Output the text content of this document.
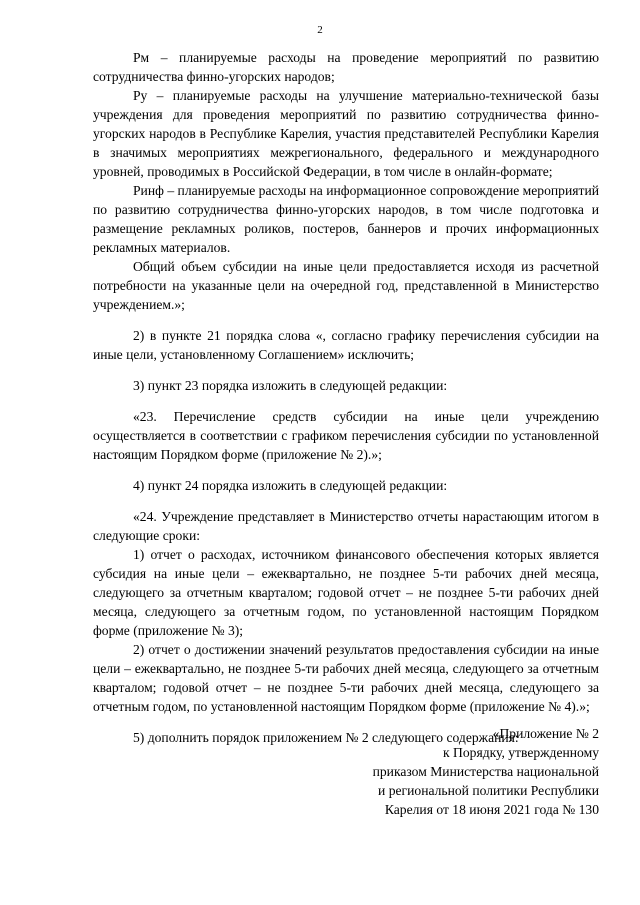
2

Рм – планируемые расходы на проведение мероприятий по развитию сотрудничества финно-угорских народов;

Ру – планируемые расходы на улучшение материально-технической базы учреждения для проведения мероприятий по развитию сотрудничества финно-угорских народов в Республике Карелия, участия представителей Республики Карелия в значимых мероприятиях межрегионального, федерального и международного уровней, проводимых в Российской Федерации, в том числе в онлайн-формате;

Ринф – планируемые расходы на информационное сопровождение мероприятий по развитию сотрудничества финно-угорских народов, в том числе подготовка и размещение рекламных роликов, постеров, баннеров и прочих информационных рекламных материалов.

Общий объем субсидии на иные цели предоставляется исходя из расчетной потребности на указанные цели на очередной год, представленной в Министерство учреждением.»;

2) в пункте 21 порядка слова «, согласно графику перечисления субсидии на иные цели, установленному Соглашением» исключить;

3) пункт 23 порядка изложить в следующей редакции:

«23. Перечисление средств субсидии на иные цели учреждению осуществляется в соответствии с графиком перечисления субсидии по установленной настоящим Порядком форме (приложение № 2).»;

4) пункт 24 порядка изложить в следующей редакции:

«24. Учреждение представляет в Министерство отчеты нарастающим итогом в следующие сроки:

1) отчет о расходах, источником финансового обеспечения которых является субсидия на иные цели – ежеквартально, не позднее 5-ти рабочих дней месяца, следующего за отчетным кварталом; годовой отчет – не позднее 5-ти рабочих дней месяца, следующего за отчетным годом, по установленной настоящим Порядком форме (приложение № 3);

2) отчет о достижении значений результатов предоставления субсидии на иные цели – ежеквартально, не позднее 5-ти рабочих дней месяца, следующего за отчетным кварталом; годовой отчет – не позднее 5-ти рабочих дней месяца, следующего за отчетным годом, по установленной настоящим Порядком форме (приложение № 4).»;

5) дополнить порядок приложением № 2 следующего содержания:

«Приложение № 2
к Порядку, утвержденному
приказом Министерства национальной
и региональной политики Республики
Карелия от 18 июня 2021 года № 130
